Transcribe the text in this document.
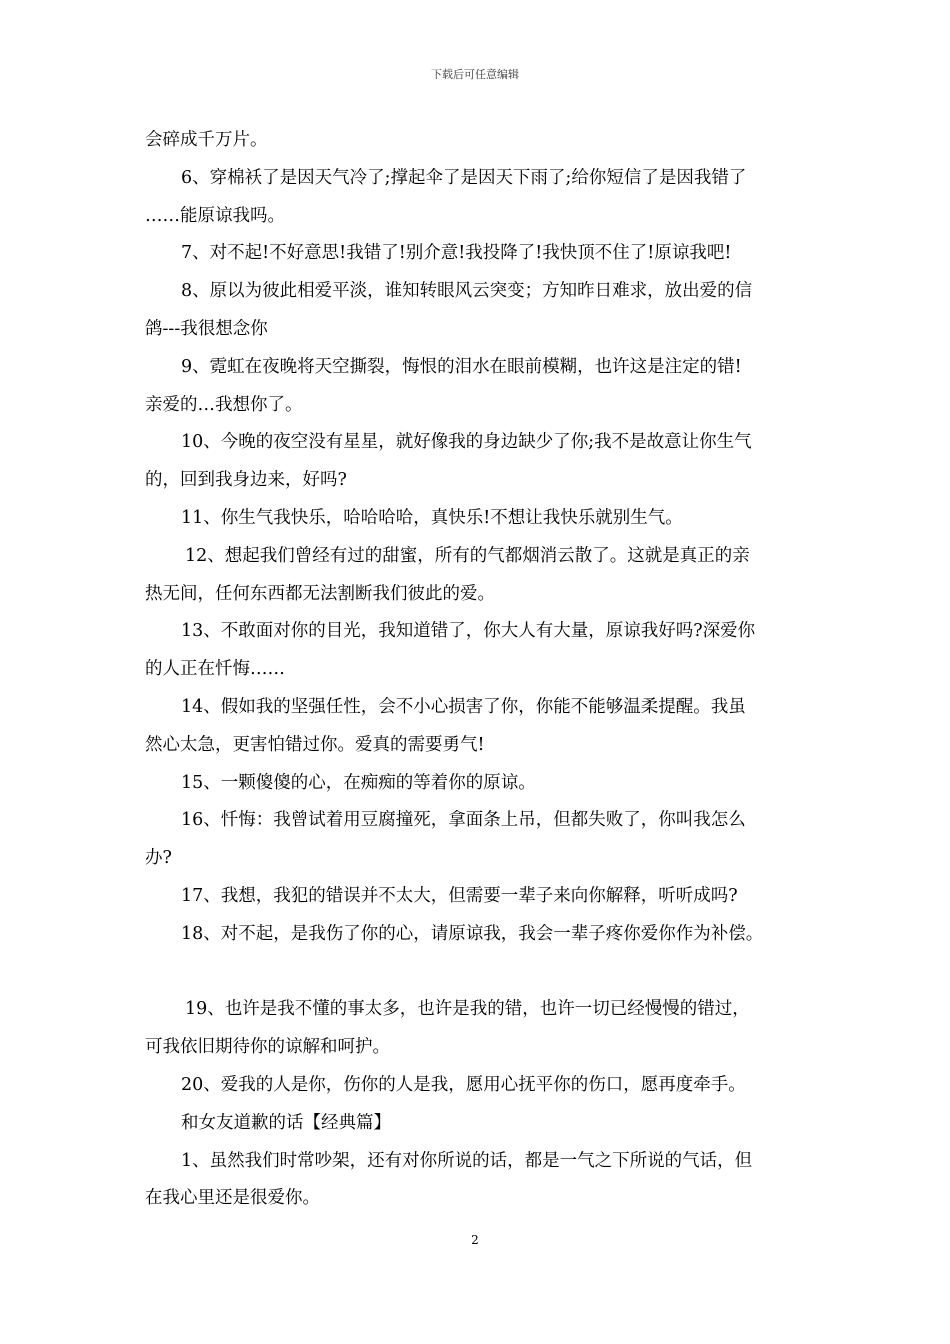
下载后可任意编辑
会碎成千万片。
6、穿棉袄了是因天气冷了;撑起伞了是因天下雨了;给你短信了是因我错了
……能原谅我吗。
7、对不起!不好意思!我错了!别介意!我投降了!我快顶不住了!原谅我吧!
8、原以为彼此相爱平淡，谁知转眼风云突变；方知昨日难求，放出爱的信
鸽---我很想念你
9、霓虹在夜晚将天空撕裂，悔恨的泪水在眼前模糊，也许这是注定的错!
亲爱的…我想你了。
10、今晚的夜空没有星星，就好像我的身边缺少了你;我不是故意让你生气
的，回到我身边来，好吗?
11、你生气我快乐，哈哈哈哈，真快乐!不想让我快乐就别生气。
12、想起我们曾经有过的甜蜜，所有的气都烟消云散了。这就是真正的亲
热无间，任何东西都无法割断我们彼此的爱。
13、不敢面对你的目光，我知道错了，你大人有大量，原谅我好吗?深爱你
的人正在忏悔……
14、假如我的坚强任性，会不小心损害了你，你能不能够温柔提醒。我虽
然心太急，更害怕错过你。爱真的需要勇气!
15、一颗傻傻的心，在痴痴的等着你的原谅。
16、忏悔：我曾试着用豆腐撞死，拿面条上吊，但都失败了，你叫我怎么
办?
17、我想，我犯的错误并不太大，但需要一辈子来向你解释，听听成吗?
18、对不起，是我伤了你的心，请原谅我，我会一辈子疼你爱你作为补偿。
19、也许是我不懂的事太多，也许是我的错，也许一切已经慢慢的错过，
可我依旧期待你的谅解和呵护。
20、爱我的人是你，伤你的人是我，愿用心抚平你的伤口，愿再度牵手。
和女友道歉的话【经典篇】
1、虽然我们时常吵架，还有对你所说的话，都是一气之下所说的气话，但
在我心里还是很爱你。
2
